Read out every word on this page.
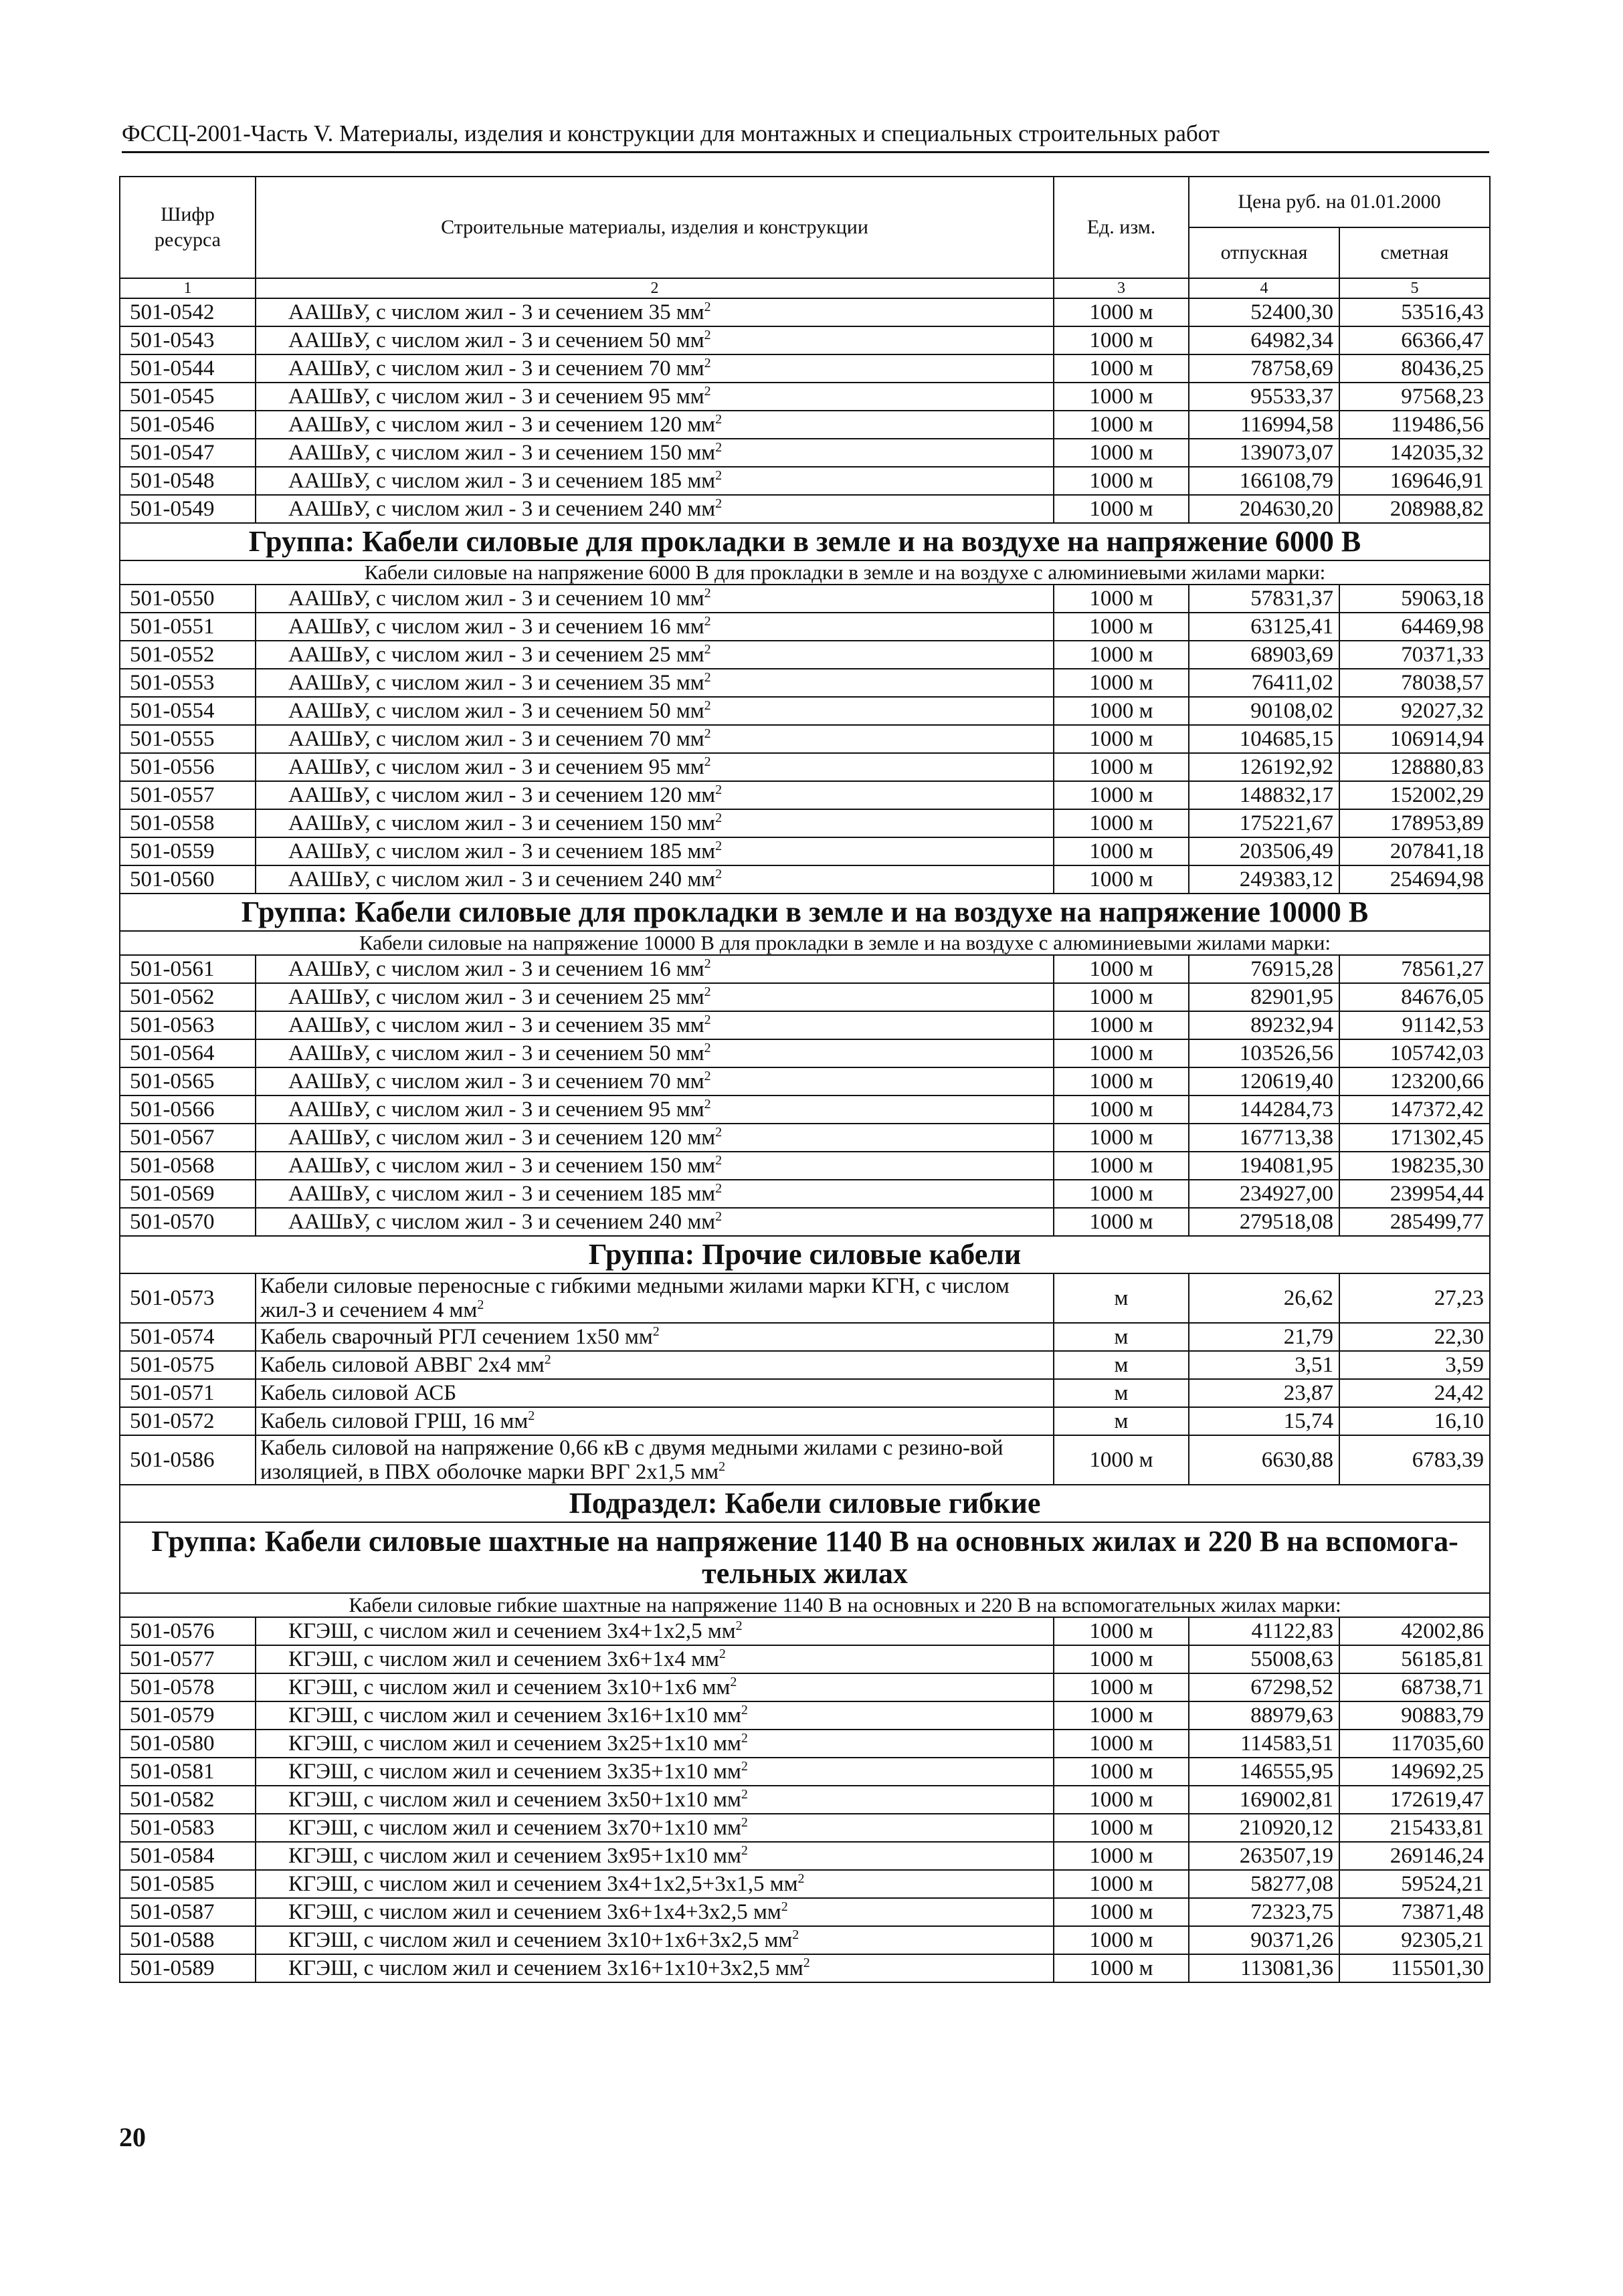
ФССЦ-2001-Часть V. Материалы, изделия и конструкции для монтажных и специальных строительных работ
Шифр ресурса	Строительные материалы, изделия и конструкции	Ед. изм.	Цена руб. на 01.01.2000	
			отпускная	сметная
1	2	3	4	5
501-0542	ААШвУ, с числом жил - 3 и сечением 35 $мм^2$	1000 м	52400,30	53516,43
501-0543	ААШвУ, с числом жил - 3 и сечением 50 $мм^2$	1000 м	64982,34	66366,47
501-0544	ААШвУ, с числом жил - 3 и сечением 70 $мм^2$	1000 м	78758,69	80436,25
501-0545	ААШвУ, с числом жил - 3 и сечением 95 $мм^2$	1000 м	95533,37	97568,23
501-0546	ААШвУ, с числом жил - 3 и сечением 120 $мм^2$	1000 м	116994,58	119486,56
501-0547	ААШвУ, с числом жил - 3 и сечением 150 $мм^2$	1000 м	139073,07	142035,32
501-0548	ААШвУ, с числом жил - 3 и сечением 185 $мм^2$	1000 м	166108,79	169646,91
501-0549	ААШвУ, с числом жил - 3 и сечением 240 $мм^2$	1000 м	204630,20	208988,82
Группа: Кабели силовые для прокладки в земле и на воздухе на напряжение 6000 В				
Кабели силовые на напряжение 6000 В для прокладки в земле и на воздухе с алюминиевыми жилами марки:				
501-0550	ААШвУ, с числом жил - 3 и сечением 10 $мм^2$	1000 м	57831,37	59063,18
501-0551	ААШвУ, с числом жил - 3 и сечением 16 $мм^2$	1000 м	63125,41	64469,98
501-0552	ААШвУ, с числом жил - 3 и сечением 25 $мм^2$	1000 м	68903,69	70371,33
501-0553	ААШвУ, с числом жил - 3 и сечением 35 $мм^2$	1000 м	76411,02	78038,57
501-0554	ААШвУ, с числом жил - 3 и сечением 50 $мм^2$	1000 м	90108,02	92027,32
501-0555	ААШвУ, с числом жил - 3 и сечением 70 $мм^2$	1000 м	104685,15	106914,94
501-0556	ААШвУ, с числом жил - 3 и сечением 95 $мм^2$	1000 м	126192,92	128880,83
501-0557	ААШвУ, с числом жил - 3 и сечением 120 $мм^2$	1000 м	148832,17	152002,29
501-0558	ААШвУ, с числом жил - 3 и сечением 150 $мм^2$	1000 м	175221,67	178953,89
501-0559	ААШвУ, с числом жил - 3 и сечением 185 $мм^2$	1000 м	203506,49	207841,18
501-0560	ААШвУ, с числом жил - 3 и сечением 240 $мм^2$	1000 м	249383,12	254694,98
Группа: Кабели силовые для прокладки в земле и на воздухе на напряжение 10000 В				
Кабели силовые на напряжение 10000 В для прокладки в земле и на воздухе с алюминиевыми жилами марки:				
501-0561	ААШвУ, с числом жил - 3 и сечением 16 $мм^2$	1000 м	76915,28	78561,27
501-0562	ААШвУ, с числом жил - 3 и сечением 25 $мм^2$	1000 м	82901,95	84676,05
501-0563	ААШвУ, с числом жил - 3 и сечением 35 $мм^2$	1000 м	89232,94	91142,53
501-0564	ААШвУ, с числом жил - 3 и сечением 50 $мм^2$	1000 м	103526,56	105742,03
501-0565	ААШвУ, с числом жил - 3 и сечением 70 $мм^2$	1000 м	120619,40	123200,66
501-0566	ААШвУ, с числом жил - 3 и сечением 95 $мм^2$	1000 м	144284,73	147372,42
501-0567	ААШвУ, с числом жил - 3 и сечением 120 $мм^2$	1000 м	167713,38	171302,45
501-0568	ААШвУ, с числом жил - 3 и сечением 150 $мм^2$	1000 м	194081,95	198235,30
501-0569	ААШвУ, с числом жил - 3 и сечением 185 $мм^2$	1000 м	234927,00	239954,44
501-0570	ААШвУ, с числом жил - 3 и сечением 240 $мм^2$	1000 м	279518,08	285499,77
Группа: Прочие силовые кабели				
501-0573	Кабели силовые переносные с гибкими медными жилами марки КГН, с числом жил-3 и сечением 4 $мм^2$	м	26,62	27,23
501-0574	Кабель сварочный РГЛ сечением 1х50 $мм^2$	м	21,79	22,30
501-0575	Кабель силовой АВВГ 2х4 $мм^2$	м	3,51	3,59
501-0571	Кабель силовой АСБ	м	23,87	24,42
501-0572	Кабель силовой ГРШ, 16 $мм^2$	м	15,74	16,10
501-0586	Кабель силовой на напряжение 0,66 кВ с двумя медными жилами с резино-вой изоляцией, в ПВХ оболочке марки ВРГ 2х1,5 $мм^2$	1000 м	6630,88	6783,39
Подраздел: Кабели силовые гибкие				
Группа: Кабели силовые шахтные на напряжение 1140 В на основных жилах и 220 В на вспомога-тельных жилах				
Кабели силовые гибкие шахтные на напряжение 1140 В на основных и 220 В на вспомогательных жилах марки:				
501-0576	КГЭШ, с числом жил и сечением 3х4+1х2,5 $мм^2$	1000 м	41122,83	42002,86
501-0577	КГЭШ, с числом жил и сечением 3х6+1х4 $мм^2$	1000 м	55008,63	56185,81
501-0578	КГЭШ, с числом жил и сечением 3х10+1х6 $мм^2$	1000 м	67298,52	68738,71
501-0579	КГЭШ, с числом жил и сечением 3х16+1х10 $мм^2$	1000 м	88979,63	90883,79
501-0580	КГЭШ, с числом жил и сечением 3х25+1х10 $мм^2$	1000 м	114583,51	117035,60
501-0581	КГЭШ, с числом жил и сечением 3х35+1х10 $мм^2$	1000 м	146555,95	149692,25
501-0582	КГЭШ, с числом жил и сечением 3х50+1х10 $мм^2$	1000 м	169002,81	172619,47
501-0583	КГЭШ, с числом жил и сечением 3х70+1х10 $мм^2$	1000 м	210920,12	215433,81
501-0584	КГЭШ, с числом жил и сечением 3х95+1х10 $мм^2$	1000 м	263507,19	269146,24
501-0585	КГЭШ, с числом жил и сечением 3х4+1х2,5+3х1,5 $мм^2$	1000 м	58277,08	59524,21
501-0587	КГЭШ, с числом жил и сечением 3х6+1х4+3х2,5 $мм^2$	1000 м	72323,75	73871,48
501-0588	КГЭШ, с числом жил и сечением 3х10+1х6+3х2,5 $мм^2$	1000 м	90371,26	92305,21
501-0589	КГЭШ, с числом жил и сечением 3х16+1х10+3х2,5 $мм^2$	1000 м	113081,36	115501,30
20
